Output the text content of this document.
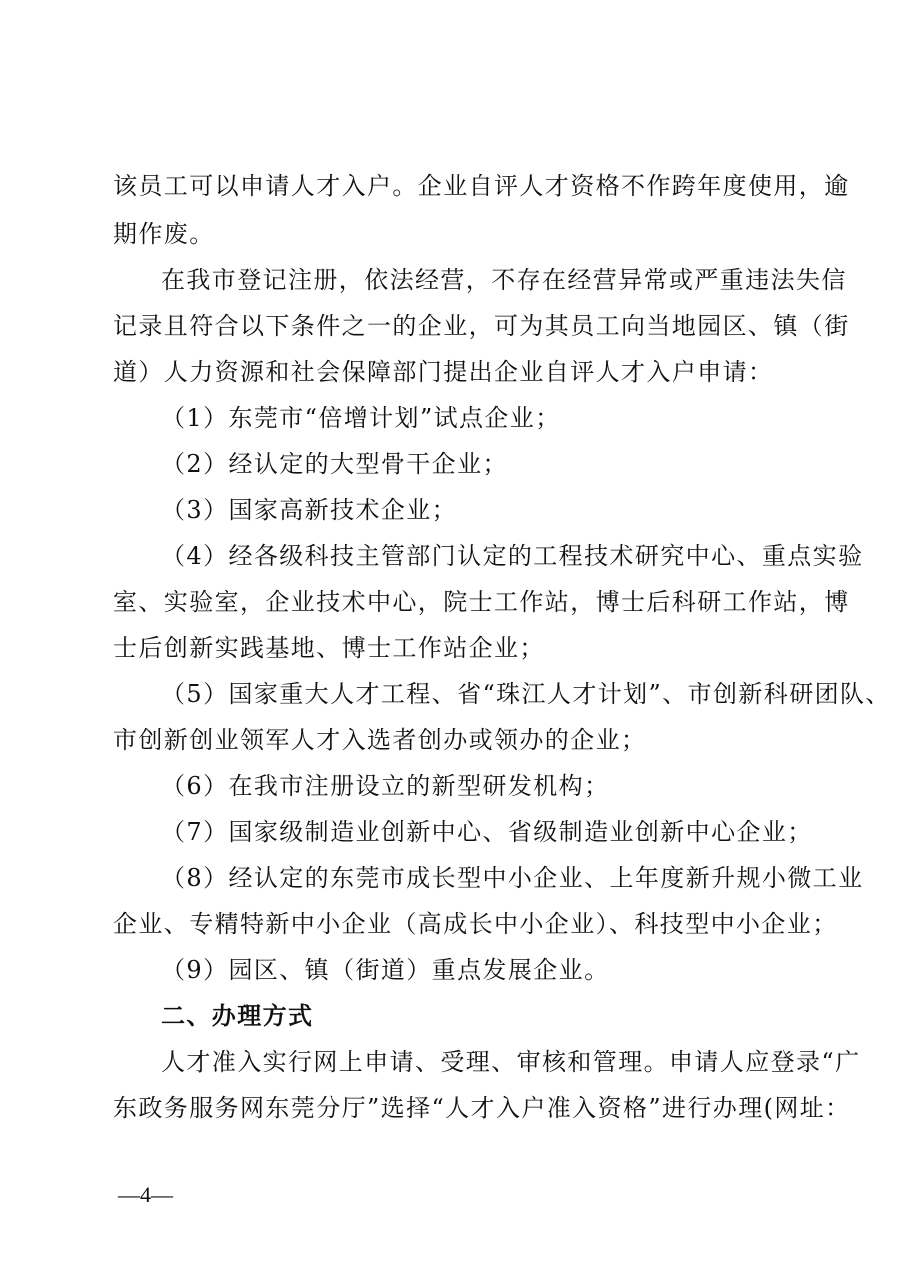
该员工可以申请人才入户。企业自评人才资格不作跨年度使用，逾
期作废。
在我市登记注册，依法经营，不存在经营异常或严重违法失信
记录且符合以下条件之一的企业，可为其员工向当地园区、镇（街
道）人力资源和社会保障部门提出企业自评人才入户申请：
（1）东莞市“倍增计划”试点企业；
（2）经认定的大型骨干企业；
（3）国家高新技术企业；
（4）经各级科技主管部门认定的工程技术研究中心、重点实验
室、实验室，企业技术中心，院士工作站，博士后科研工作站，博
士后创新实践基地、博士工作站企业；
（5）国家重大人才工程、省“珠江人才计划”、市创新科研团队、
市创新创业领军人才入选者创办或领办的企业；
（6）在我市注册设立的新型研发机构；
（7）国家级制造业创新中心、省级制造业创新中心企业；
（8）经认定的东莞市成长型中小企业、上年度新升规小微工业
企业、专精特新中小企业（高成长中小企业）、科技型中小企业；
（9）园区、镇（街道）重点发展企业。
二、办理方式
人才准入实行网上申请、受理、审核和管理。申请人应登录“广
东政务服务网东莞分厅”选择“人才入户准入资格”进行办理(网址：
—4—
